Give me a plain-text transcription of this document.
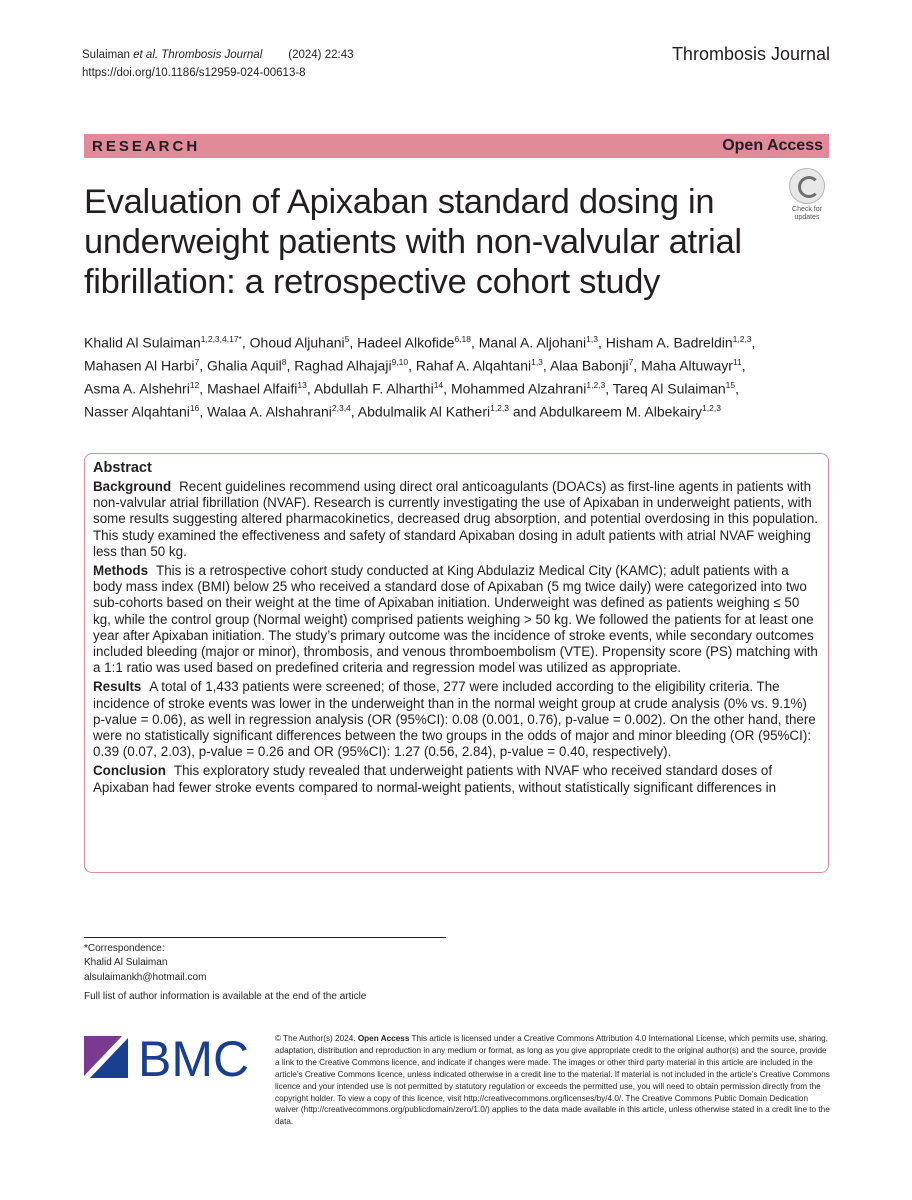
Sulaiman et al. Thrombosis Journal (2024) 22:43
https://doi.org/10.1186/s12959-024-00613-8
Thrombosis Journal
RESEARCH	Open Access
Evaluation of Apixaban standard dosing in underweight patients with non-valvular atrial fibrillation: a retrospective cohort study
Check for updates

Khalid Al Sulaiman$^{1,2,3,4,17*}$, Ohoud Aljuhani$^5$, Hadeel Alkofide$^{6,18}$, Manal A. Aljohani$^{1,3}$, Hisham A. Badreldin$^{1,2,3}$, Mahasen Al Harbi$^7$, Ghalia Aquil$^8$, Raghad Alhajaji$^{9,10}$, Rahaf A. Alqahtani$^{1,3}$, Alaa Babonji$^7$, Maha Altuwayr$^{11}$, Asma A. Alshehri$^{12}$, Mashael Alfaifi$^{13}$, Abdullah F. Alharthi$^{14}$, Mohammed Alzahrani$^{1,2,3}$, Tareq Al Sulaiman$^{15}$, Nasser Alqahtani$^{16}$, Walaa A. Alshahrani$^{2,3,4}$, Abdulmalik Al Katheri$^{1,2,3}$ and Abdulkareem M. Albekairy$^{1,2,3}$

Abstract

Background Recent guidelines recommend using direct oral anticoagulants (DOACs) as first-line agents in patients with non-valvular atrial fibrillation (NVAF). Research is currently investigating the use of Apixaban in underweight patients, with some results suggesting altered pharmacokinetics, decreased drug absorption, and potential overdosing in this population. This study examined the effectiveness and safety of standard Apixaban dosing in adult patients with atrial NVAF weighing less than 50 kg.

Methods This is a retrospective cohort study conducted at King Abdulaziz Medical City (KAMC); adult patients with a body mass index (BMI) below 25 who received a standard dose of Apixaban (5 mg twice daily) were categorized into two sub-cohorts based on their weight at the time of Apixaban initiation. Underweight was defined as patients weighing ≤ 50 kg, while the control group (Normal weight) comprised patients weighing > 50 kg. We followed the patients for at least one year after Apixaban initiation. The study’s primary outcome was the incidence of stroke events, while secondary outcomes included bleeding (major or minor), thrombosis, and venous thromboembolism (VTE). Propensity score (PS) matching with a 1:1 ratio was used based on predefined criteria and regression model was utilized as appropriate.

Results A total of 1,433 patients were screened; of those, 277 were included according to the eligibility criteria. The incidence of stroke events was lower in the underweight than in the normal weight group at crude analysis (0% vs. 9.1%) p-value = 0.06), as well in regression analysis (OR (95%CI): 0.08 (0.001, 0.76), p-value = 0.002). On the other hand, there were no statistically significant differences between the two groups in the odds of major and minor bleeding (OR (95%CI): 0.39 (0.07, 2.03), p-value = 0.26 and OR (95%CI): 1.27 (0.56, 2.84), p-value = 0.40, respectively).

Conclusion This exploratory study revealed that underweight patients with NVAF who received standard doses of Apixaban had fewer stroke events compared to normal-weight patients, without statistically significant differences in

*Correspondence:
Khalid Al Sulaiman
alsulaimankh@hotmail.com
Full list of author information is available at the end of the article
BMC	© The Author(s) 2024. Open Access This article is licensed under a Creative Commons Attribution 4.0 International License, which permits use, sharing, adaptation, distribution and reproduction in any medium or format, as long as you give appropriate credit to the original author(s) and the source, provide a link to the Creative Commons licence, and indicate if changes were made. The images or other third party material in this article are included in the article’s Creative Commons licence, unless indicated otherwise in a credit line to the material. If material is not included in the article’s Creative Commons licence and your intended use is not permitted by statutory regulation or exceeds the permitted use, you will need to obtain permission directly from the copyright holder. To view a copy of this licence, visit http://creativecommons.org/licenses/by/4.0/. The Creative Commons Public Domain Dedication waiver (http://creativecommons.org/publicdomain/zero/1.0/) applies to the data made available in this article, unless otherwise stated in a credit line to the data.
